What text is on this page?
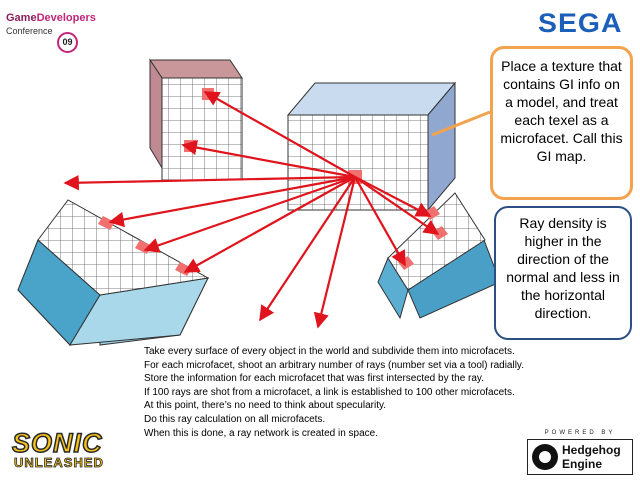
GameDevelopers
Conference
09
SEGA
Place a texture that contains GI info on a model, and treat each texel as a microfacet. Call this GI map.
Ray density is higher in the direction of the normal and less in the horizontal direction.
Take every surface of every object in the world and subdivide them into microfacets.
For each microfacet, shoot an arbitrary number of rays (number set via a tool) radially.
Store the information for each microfacet that was first intersected by the ray.
If 100 rays are shot from a microfacet, a link is established to 100 other microfacets.
At this point, there’s no need to think about specularity.
Do this ray calculation on all microfacets.
When this is done, a ray network is created in space.
SONIC
UNLEASHED
POWERED BY
Hedgehog
Engine
